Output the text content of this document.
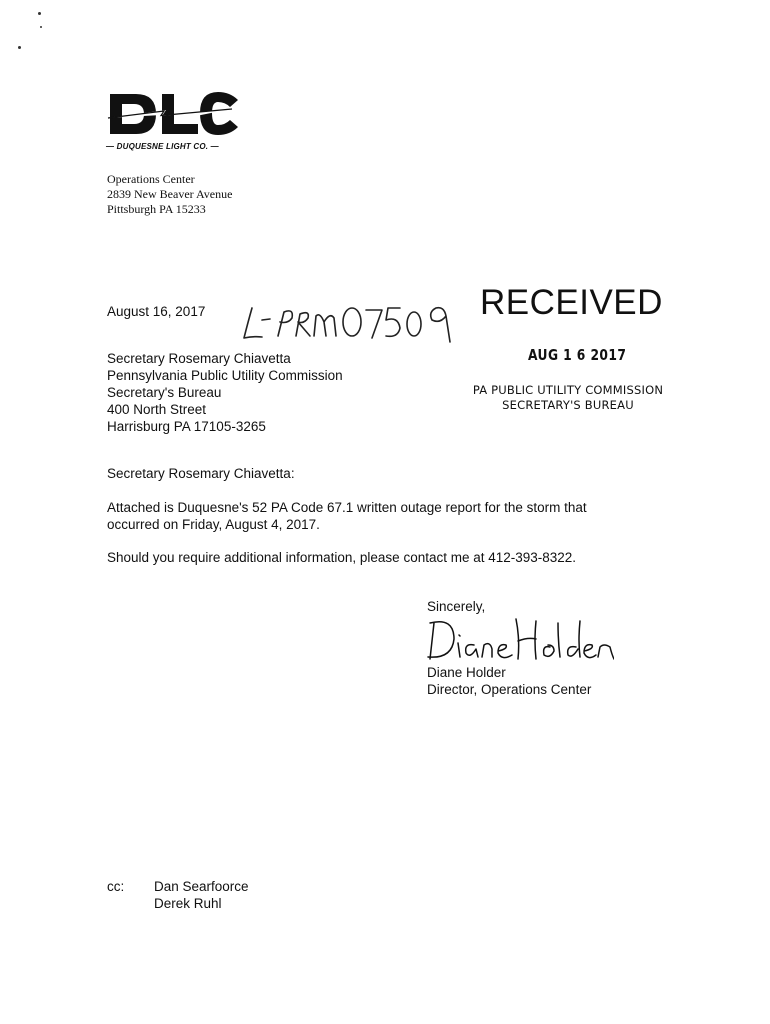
— DUQUESNE LIGHT CO. —
Operations Center
2839 New Beaver Avenue
Pittsburgh PA 15233
August 16, 2017	RECEIVED
AUG 1 6 2017
PA PUBLIC UTILITY COMMISSION
SECRETARY'S BUREAU
Secretary Rosemary Chiavetta
Pennsylvania Public Utility Commission
Secretary's Bureau
400 North Street
Harrisburg PA 17105-3265
Secretary Rosemary Chiavetta:
Attached is Duquesne's 52 PA Code 67.1 written outage report for the storm that
occurred on Friday, August 4, 2017.
Should you require additional information, please contact me at 412-393-8322.
Sincerely,
Diane Holder
Director, Operations Center
cc: Dan Searfoorce
Derek Ruhl
